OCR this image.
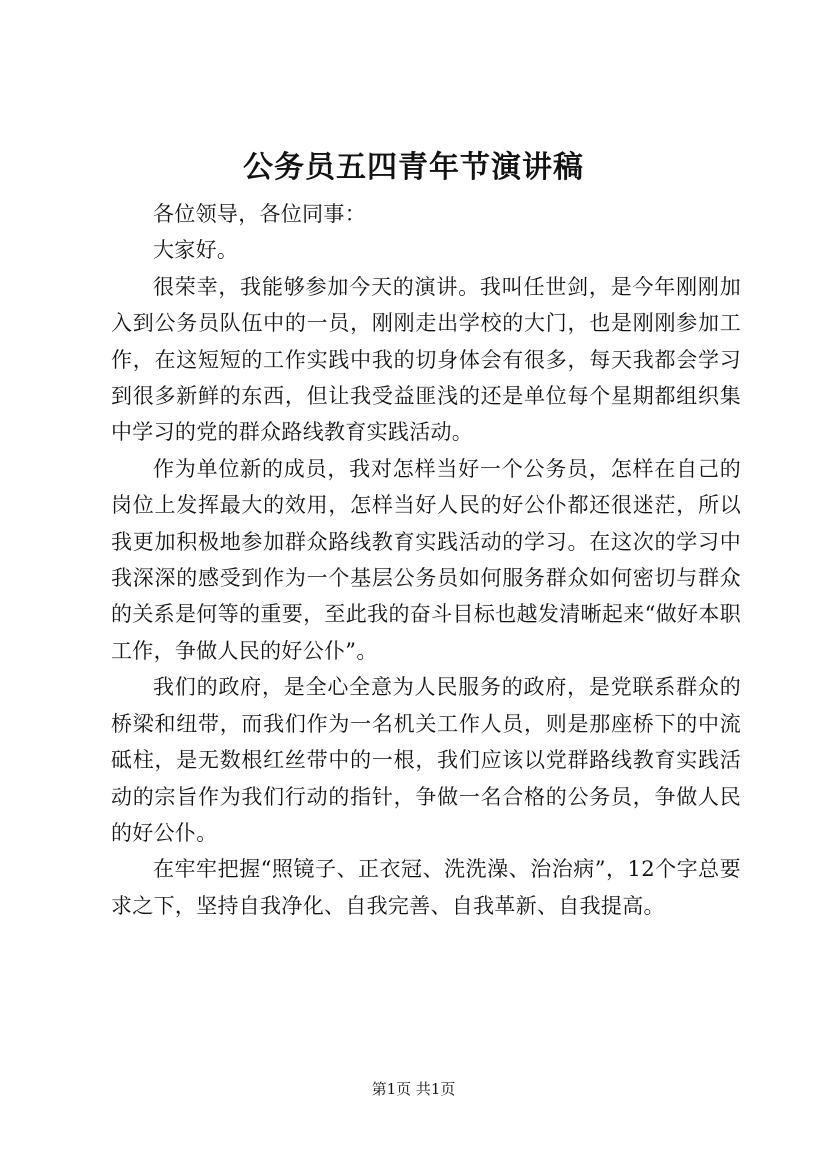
公务员五四青年节演讲稿

各位领导，各位同事：

大家好。

很荣幸，我能够参加今天的演讲。我叫任世剑，是今年刚刚加入到公务员队伍中的一员，刚刚走出学校的大门，也是刚刚参加工作，在这短短的工作实践中我的切身体会有很多，每天我都会学习到很多新鲜的东西，但让我受益匪浅的还是单位每个星期都组织集中学习的党的群众路线教育实践活动。

作为单位新的成员，我对怎样当好一个公务员，怎样在自己的岗位上发挥最大的效用，怎样当好人民的好公仆都还很迷茫，所以我更加积极地参加群众路线教育实践活动的学习。在这次的学习中我深深的感受到作为一个基层公务员如何服务群众如何密切与群众的关系是何等的重要，至此我的奋斗目标也越发清晰起来“做好本职工作，争做人民的好公仆”。

我们的政府，是全心全意为人民服务的政府，是党联系群众的桥梁和纽带，而我们作为一名机关工作人员，则是那座桥下的中流砥柱，是无数根红丝带中的一根，我们应该以党群路线教育实践活动的宗旨作为我们行动的指针，争做一名合格的公务员，争做人民的好公仆。

在牢牢把握“照镜子、正衣冠、洗洗澡、治治病”，12个字总要求之下，坚持自我净化、自我完善、自我革新、自我提高。

第1页 共1页
